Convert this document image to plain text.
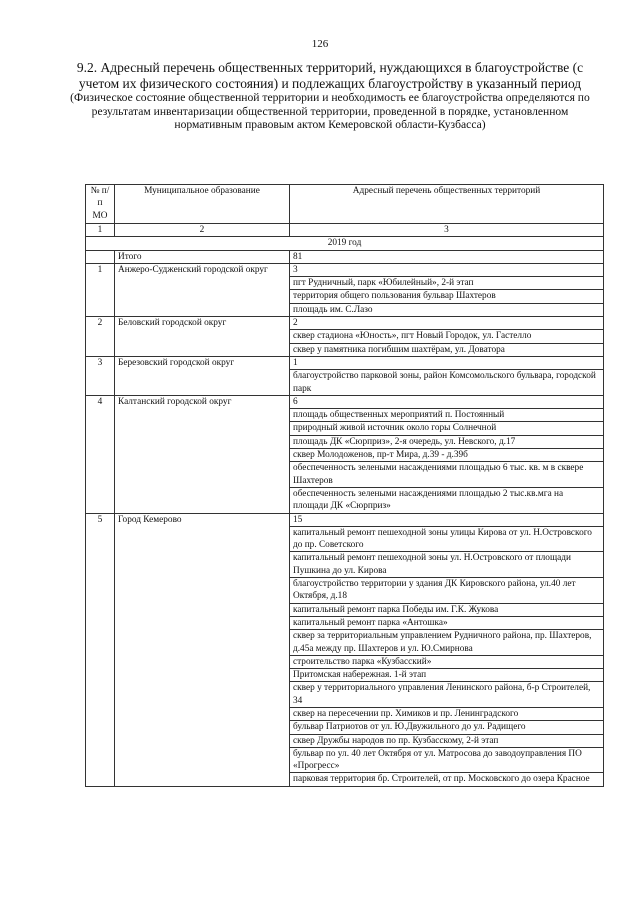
126
9.2. Адресный перечень общественных территорий, нуждающихся в благоустройстве (с учетом их физического состояния) и подлежащих благоустройству в указанный период
(Физическое состояние общественной территории и необходимость ее благоустройства определяются по результатам инвентаризации общественной территории, проведенной в порядке, установленном нормативным правовым актом Кемеровской области-Кузбасса)
№ п/п МО	Муниципальное образование	Адресный перечень общественных территорий
1	2	3
2019 год		
	Итого	81
1	Анжеро-Судженский городской округ	3
		пгт Рудничный, парк «Юбилейный», 2-й этап
		территория общего пользования бульвар Шахтеров
		площадь им. С.Лазо
2	Беловский городской округ	2
		сквер стадиона «Юность», пгт Новый Городок, ул. Гастелло
		сквер у памятника погибшим шахтёрам, ул. Доватора
3	Березовский городской округ	1
		благоустройство парковой зоны, район Комсомольского бульвара, городской парк
4	Калтанский городской округ	6
		площадь общественных мероприятий п. Постоянный
		природный живой источник около горы Солнечной
		площадь ДК «Сюрприз», 2-я очередь, ул. Невского, д.17
		сквер Молодоженов, пр-т Мира, д.39 - д.39б
		обеспеченность зелеными насаждениями площадью 6 тыс. кв. м в сквере Шахтеров
		обеспеченность зелеными насаждениями площадью 2 тыс.кв.мга на площади ДК «Сюрприз»
5	Город Кемерово	15
		капитальный ремонт пешеходной зоны улицы Кирова от ул. Н.Островского до пр. Советского
		капитальный ремонт пешеходной зоны ул. Н.Островского от площади Пушкина до ул. Кирова
		благоустройство территории у здания ДК Кировского района, ул.40 лет Октября, д.18
		капитальный ремонт парка Победы им. Г.К. Жукова
		капитальный ремонт парка «Антошка»
		сквер за территориальным управлением Рудничного района, пр. Шахтеров, д.45а между пр. Шахтеров и ул. Ю.Смирнова
		строительство парка «Кузбасский»
		Притомская набережная. 1-й этап
		сквер у территориального управления Ленинского района, б-р Строителей, 34
		сквер на пересечении пр. Химиков и пр. Ленинградского
		бульвар Патриотов от ул. Ю.Двужильного до ул. Радищего
		сквер Дружбы народов по пр. Кузбасскому, 2-й этап
		бульвар по ул. 40 лет Октября от ул. Матросова до заводоуправления ПО «Прогресс»
		парковая территория бр. Строителей, от пр. Московского до озера Красное
